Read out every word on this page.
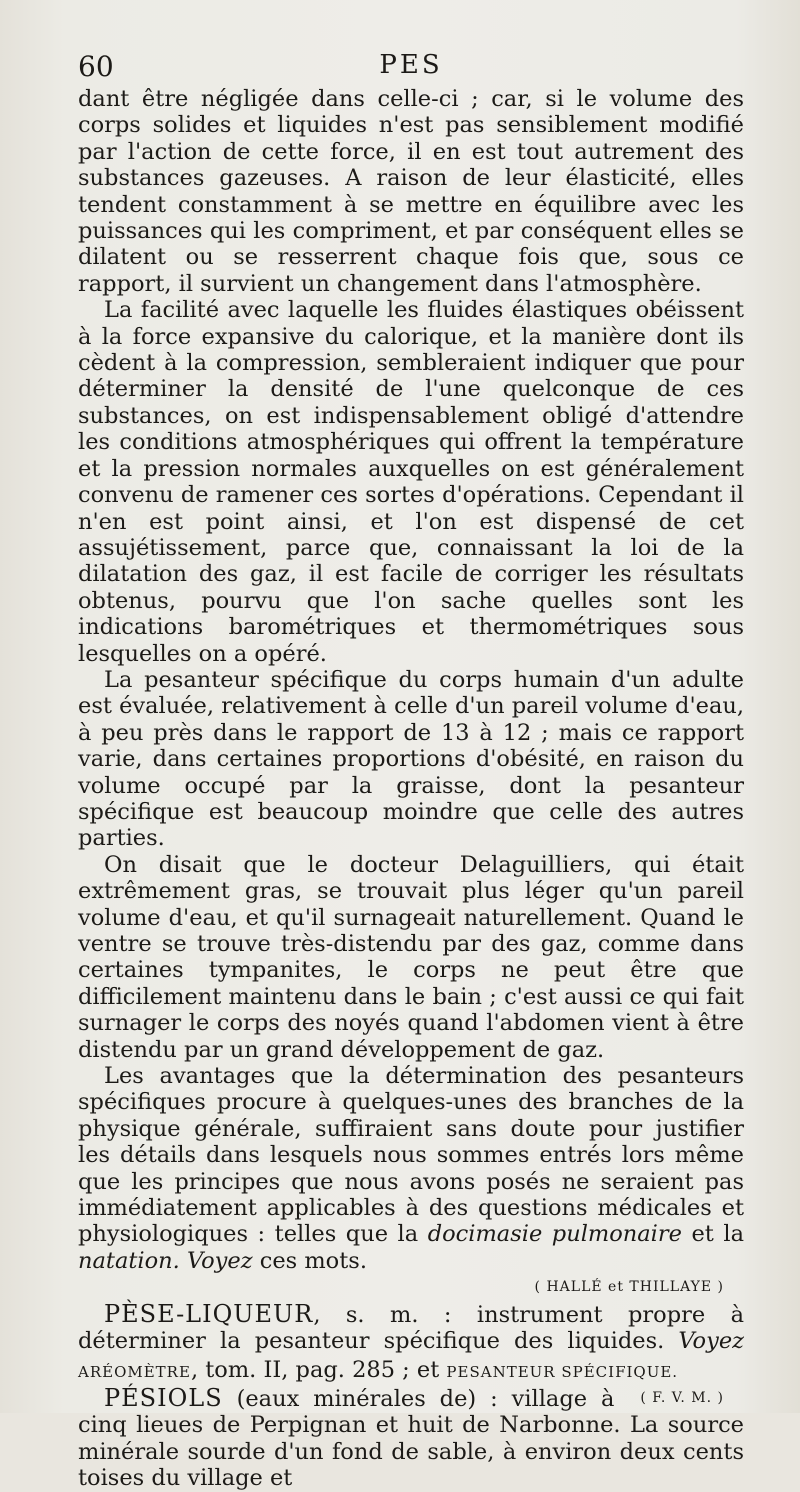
60	PES

dant être négligée dans celle-ci ; car, si le volume des corps solides et liquides n'est pas sensiblement modifié par l'action de cette force, il en est tout autrement des substances gazeuses. A raison de leur élasticité, elles tendent constamment à se mettre en équilibre avec les puissances qui les compriment, et par conséquent elles se dilatent ou se resserrent chaque fois que, sous ce rapport, il survient un changement dans l'atmosphère.

La facilité avec laquelle les fluides élastiques obéissent à la force expansive du calorique, et la manière dont ils cèdent à la compression, sembleraient indiquer que pour déterminer la densité de l'une quelconque de ces substances, on est indispensablement obligé d'attendre les conditions atmosphériques qui offrent la température et la pression normales auxquelles on est généralement convenu de ramener ces sortes d'opérations. Cependant il n'en est point ainsi, et l'on est dispensé de cet assujétissement, parce que, connaissant la loi de la dilatation des gaz, il est facile de corriger les résultats obtenus, pourvu que l'on sache quelles sont les indications barométriques et thermométriques sous lesquelles on a opéré.

La pesanteur spécifique du corps humain d'un adulte est évaluée, relativement à celle d'un pareil volume d'eau, à peu près dans le rapport de 13 à 12 ; mais ce rapport varie, dans certaines proportions d'obésité, en raison du volume occupé par la graisse, dont la pesanteur spécifique est beaucoup moindre que celle des autres parties.

On disait que le docteur Delaguilliers, qui était extrêmement gras, se trouvait plus léger qu'un pareil volume d'eau, et qu'il surnageait naturellement. Quand le ventre se trouve très-distendu par des gaz, comme dans certaines tympanites, le corps ne peut être que difficilement maintenu dans le bain ; c'est aussi ce qui fait surnager le corps des noyés quand l'abdomen vient à être distendu par un grand développement de gaz.

Les avantages que la détermination des pesanteurs spécifiques procure à quelques-unes des branches de la physique générale, suffiraient sans doute pour justifier les détails dans lesquels nous sommes entrés lors même que les principes que nous avons posés ne seraient pas immédiatement applicables à des questions médicales et physiologiques : telles que la docimasie pulmonaire et la natation. Voyez ces mots.

( HALLÉ et THILLAYE )

PÈSE-LIQUEUR, s. m. : instrument propre à déterminer la pesanteur spécifique des liquides. Voyez ARÉOMÈTRE, tom. II, pag. 285 ; et PESANTEUR SPÉCIFIQUE.
( F. V. M. )

PÉSIOLS (eaux minérales de) : village à cinq lieues de Perpignan et huit de Narbonne. La source minérale sourde d'un fond de sable, à environ deux cents toises du village et
